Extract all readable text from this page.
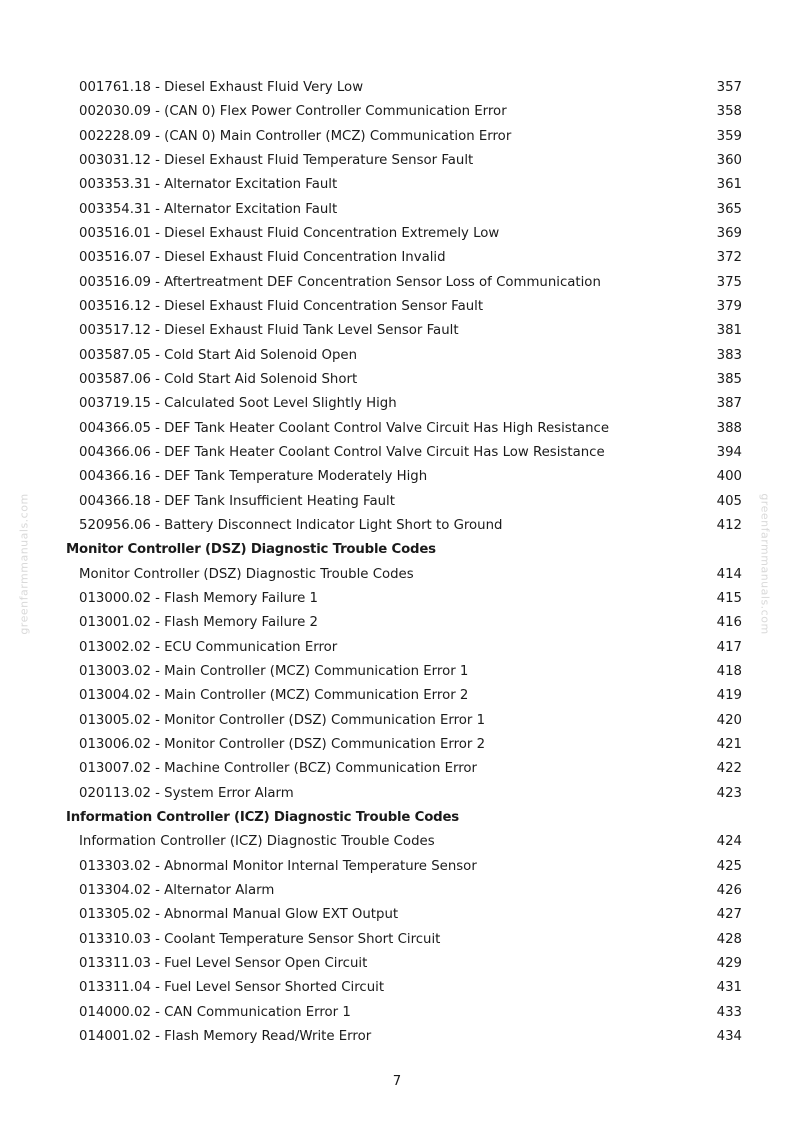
001761.18 - Diesel Exhaust Fluid Very Low	357
002030.09 - (CAN 0) Flex Power Controller Communication Error	358
002228.09 - (CAN 0) Main Controller (MCZ) Communication Error	359
003031.12 - Diesel Exhaust Fluid Temperature Sensor Fault	360
003353.31 - Alternator Excitation Fault	361
003354.31 - Alternator Excitation Fault	365
003516.01 - Diesel Exhaust Fluid Concentration Extremely Low	369
003516.07 - Diesel Exhaust Fluid Concentration Invalid	372
003516.09 - Aftertreatment DEF Concentration Sensor Loss of Communication	375
003516.12 - Diesel Exhaust Fluid Concentration Sensor Fault	379
003517.12 - Diesel Exhaust Fluid Tank Level Sensor Fault	381
003587.05 - Cold Start Aid Solenoid Open	383
003587.06 - Cold Start Aid Solenoid Short	385
003719.15 - Calculated Soot Level Slightly High	387
004366.05 - DEF Tank Heater Coolant Control Valve Circuit Has High Resistance	388
004366.06 - DEF Tank Heater Coolant Control Valve Circuit Has Low Resistance	394
004366.16 - DEF Tank Temperature Moderately High	400
004366.18 - DEF Tank Insufficient Heating Fault	405
520956.06 - Battery Disconnect Indicator Light Short to Ground	412
Monitor Controller (DSZ) Diagnostic Trouble Codes
Monitor Controller (DSZ) Diagnostic Trouble Codes	414
013000.02 - Flash Memory Failure 1	415
013001.02 - Flash Memory Failure 2	416
013002.02 - ECU Communication Error	417
013003.02 - Main Controller (MCZ) Communication Error 1	418
013004.02 - Main Controller (MCZ) Communication Error 2	419
013005.02 - Monitor Controller (DSZ) Communication Error 1	420
013006.02 - Monitor Controller (DSZ) Communication Error 2	421
013007.02 - Machine Controller (BCZ) Communication Error	422
020113.02 - System Error Alarm	423
Information Controller (ICZ) Diagnostic Trouble Codes
Information Controller (ICZ) Diagnostic Trouble Codes	424
013303.02 - Abnormal Monitor Internal Temperature Sensor	425
013304.02 - Alternator Alarm	426
013305.02 - Abnormal Manual Glow EXT Output	427
013310.03 - Coolant Temperature Sensor Short Circuit	428
013311.03 - Fuel Level Sensor Open Circuit	429
013311.04 - Fuel Level Sensor Shorted Circuit	431
014000.02 - CAN Communication Error 1	433
014001.02 - Flash Memory Read/Write Error	434
greenfarmmanuals.com	greenfarmmanuals.com
7
